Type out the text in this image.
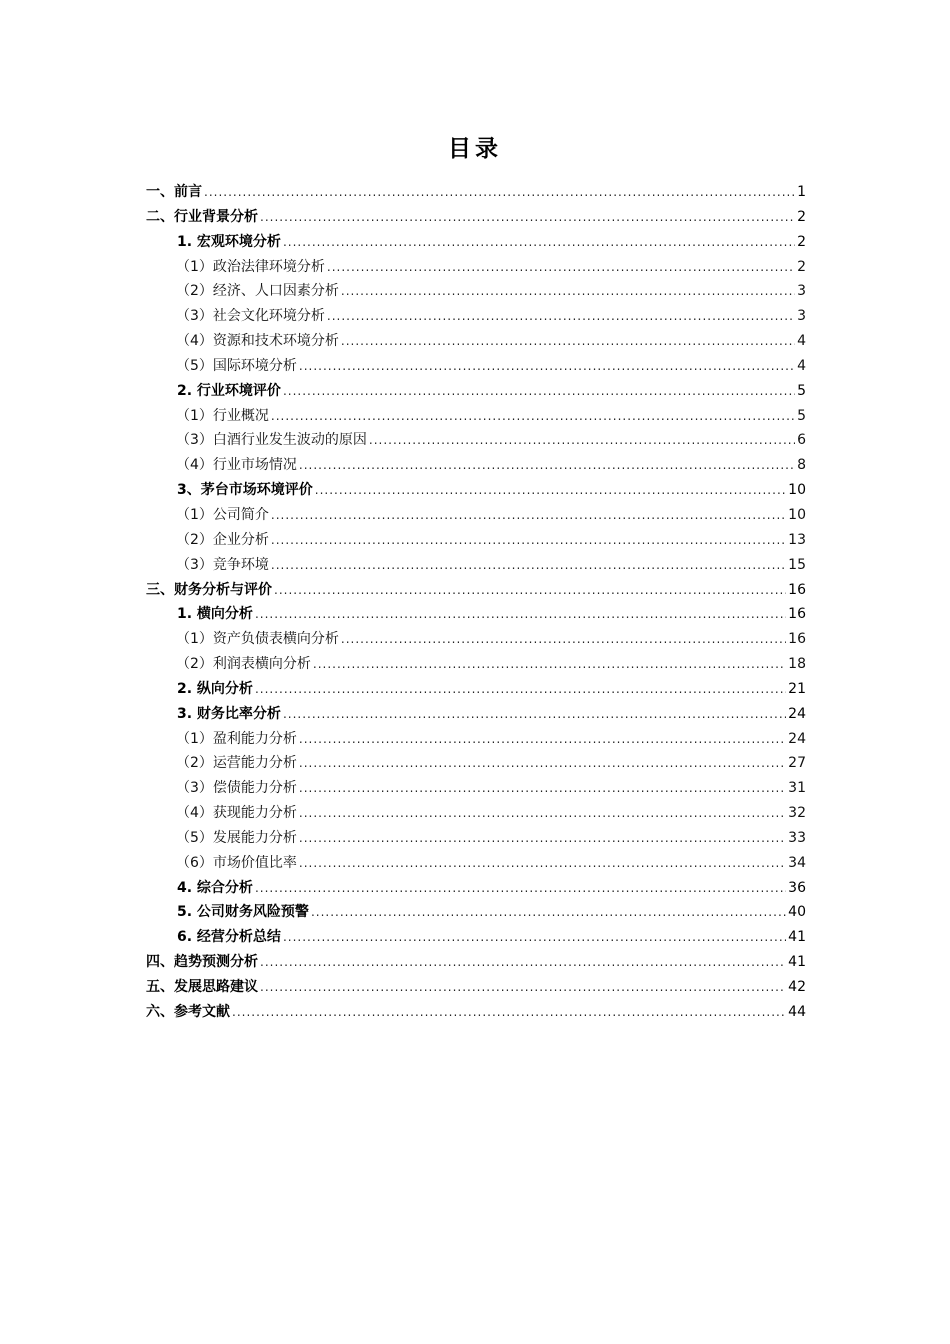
目录
一、前言 .....	1
二、行业背景分析 .....	2
1. 宏观环境分析 .....	2
（1）政治法律环境分析 .....	2
（2）经济、人口因素分析 .....	3
（3）社会文化环境分析 .....	3
（4）资源和技术环境分析 .....	4
（5）国际环境分析 .....	4
2. 行业环境评价 .....	5
（1）行业概况 .....	5
（3）白酒行业发生波动的原因 .....	6
（4）行业市场情况 .....	8
3、茅台市场环境评价 .....	10
（1）公司简介 .....	10
（2）企业分析 .....	13
（3）竞争环境 .....	15
三、财务分析与评价 .....	16
1. 横向分析 .....	16
（1）资产负债表横向分析 .....	16
（2）利润表横向分析 .....	18
2. 纵向分析 .....	21
3. 财务比率分析 .....	24
（1）盈利能力分析 .....	24
（2）运营能力分析 .....	27
（3）偿债能力分析 .....	31
（4）获现能力分析 .....	32
（5）发展能力分析 .....	33
（6）市场价值比率 .....	34
4. 综合分析 .....	36
5. 公司财务风险预警 .....	40
6. 经营分析总结 .....	41
四、趋势预测分析 .....	41
五、发展思路建议 .....	42
六、参考文献 .....	44
